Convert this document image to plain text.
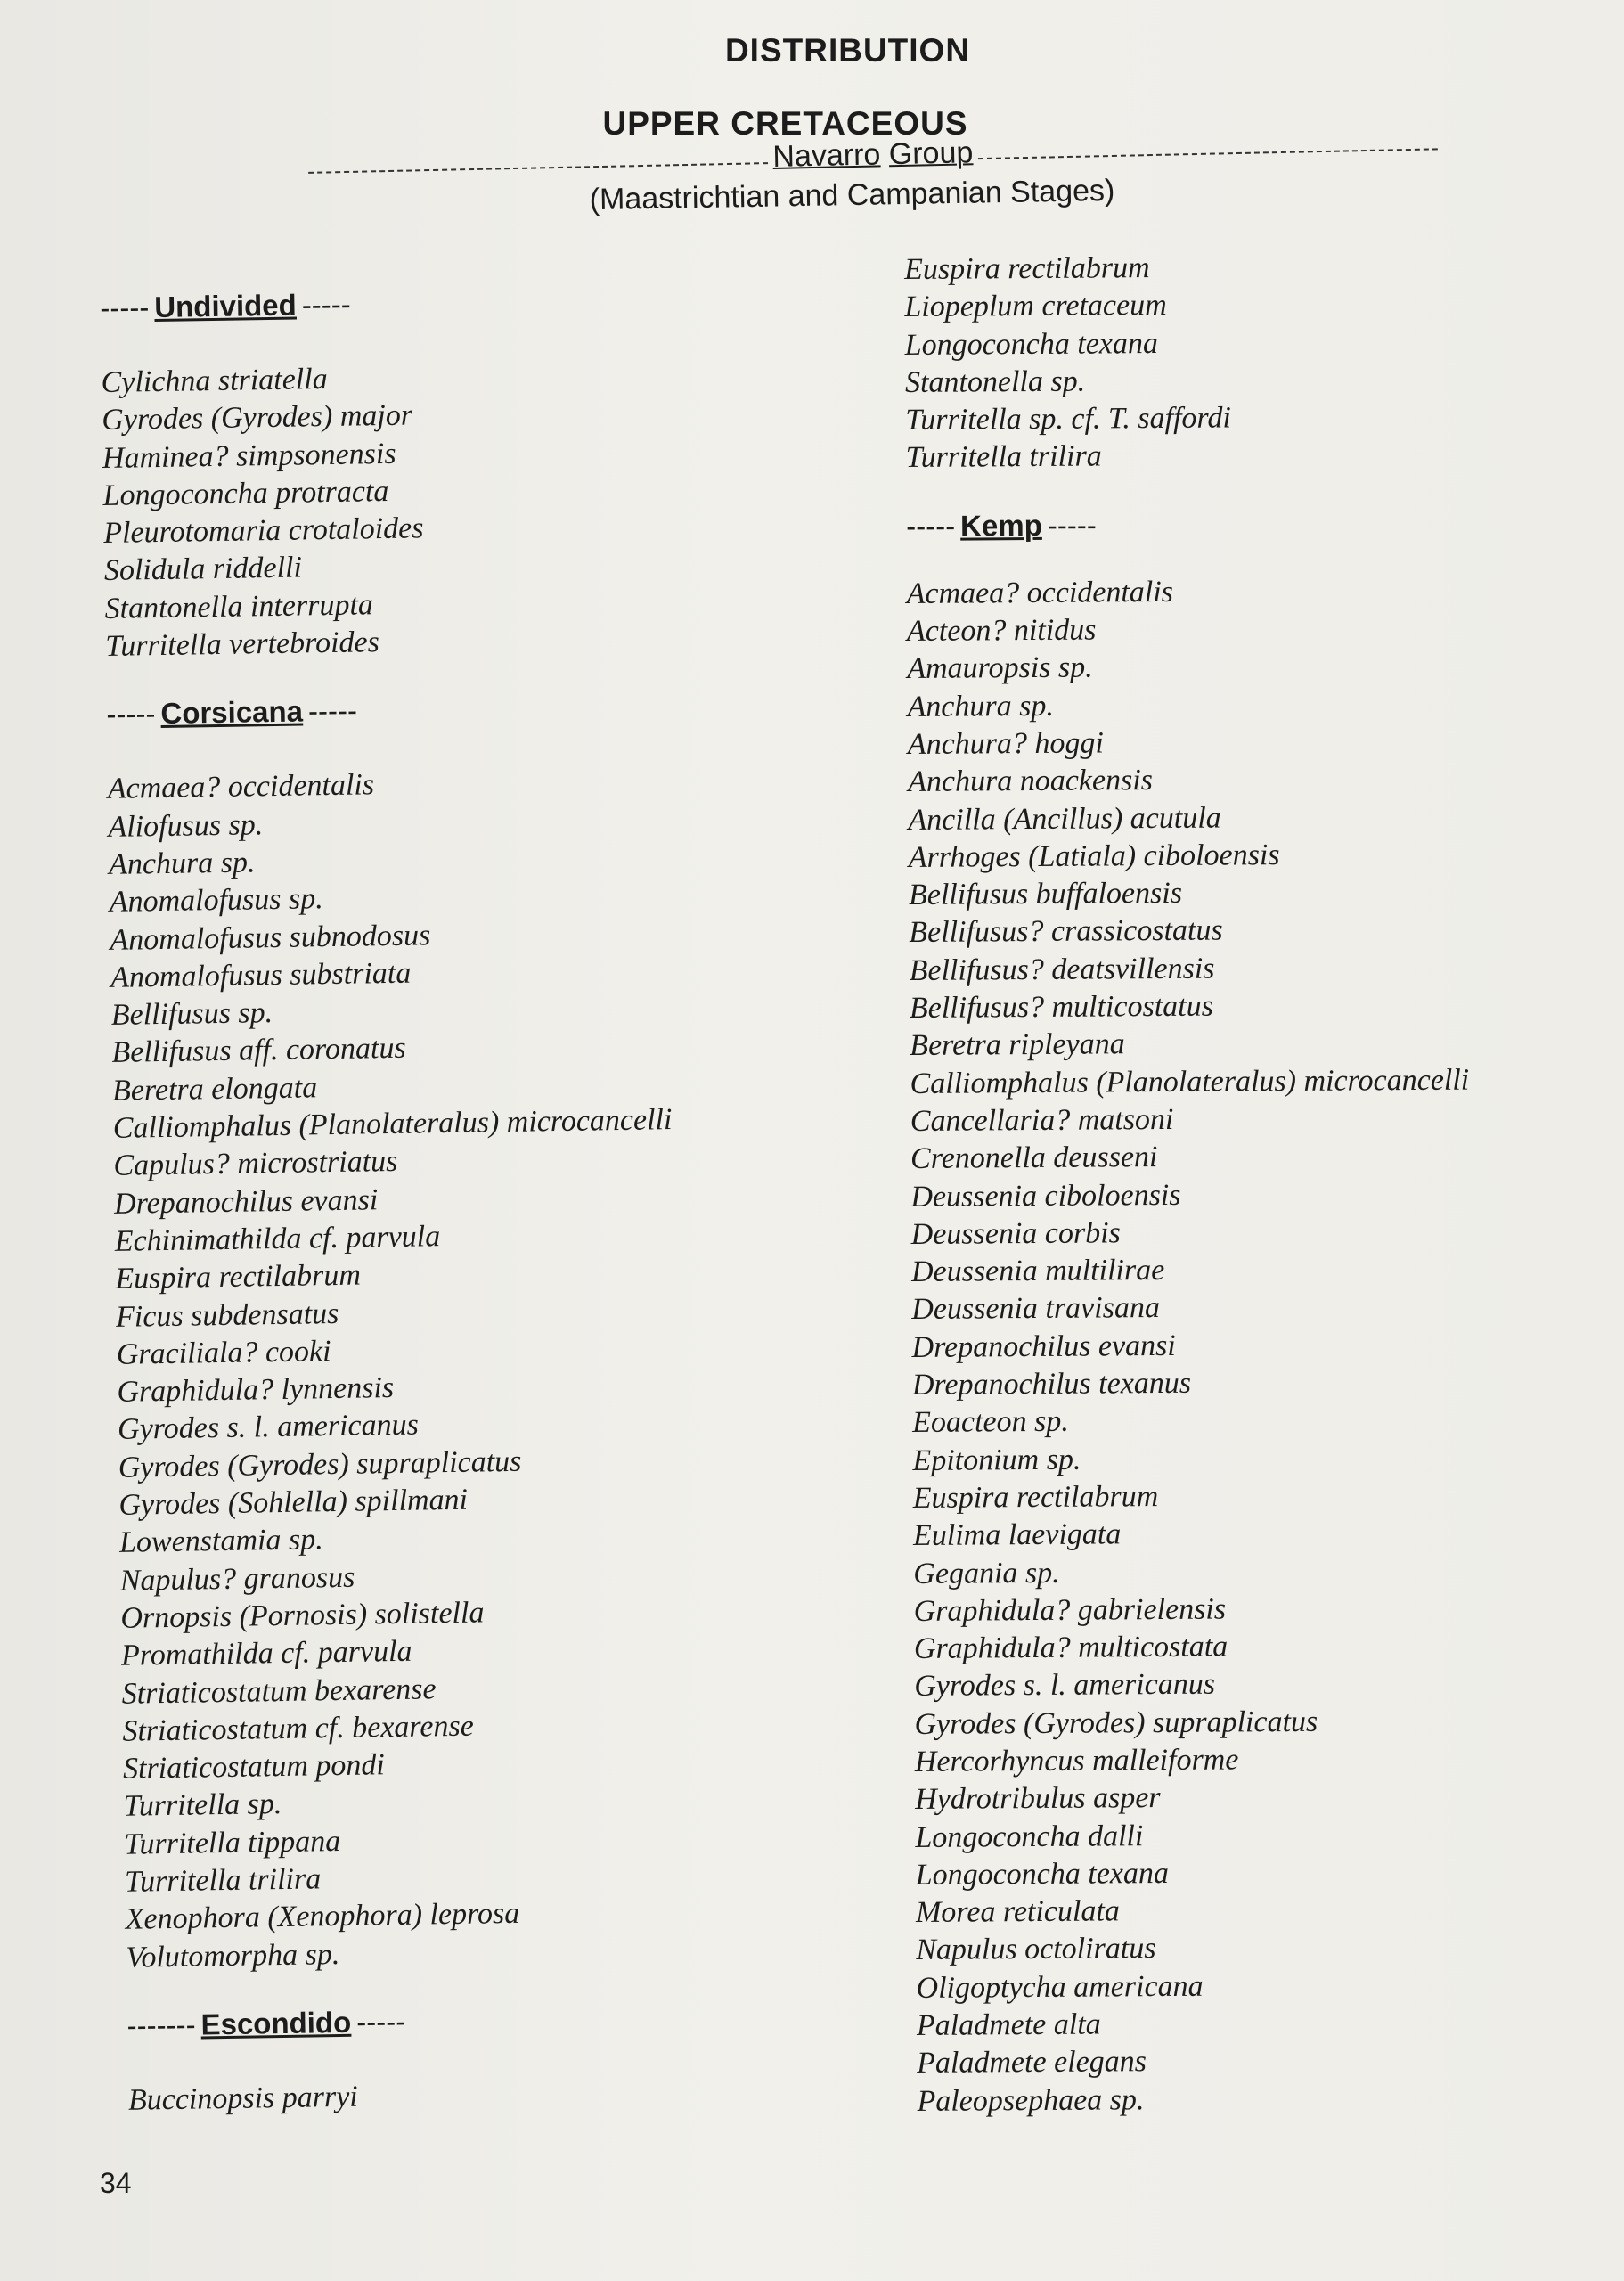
DISTRIBUTION
UPPER CRETACEOUS
Navarro
Group
(Maastrichtian and Campanian Stages)
----- Undivided -----
Cylichna striatella
Gyrodes (Gyrodes) major
Haminea? simpsonensis
Longoconcha protracta
Pleurotomaria crotaloides
Solidula riddelli
Stantonella interrupta
Turritella vertebroides
----- Corsicana -----
Acmaea? occidentalis
Aliofusus sp.
Anchura sp.
Anomalofusus sp.
Anomalofusus subnodosus
Anomalofusus substriata
Bellifusus sp.
Bellifusus aff. coronatus
Beretra elongata
Calliomphalus (Planolateralus) microcancelli
Capulus? microstriatus
Drepanochilus evansi
Echinimathilda cf. parvula
Euspira rectilabrum
Ficus subdensatus
Graciliala? cooki
Graphidula? lynnensis
Gyrodes s. l. americanus
Gyrodes (Gyrodes) supraplicatus
Gyrodes (Sohlella) spillmani
Lowenstamia sp.
Napulus? granosus
Ornopsis (Pornosis) solistella
Promathilda cf. parvula
Striaticostatum bexarense
Striaticostatum cf. bexarense
Striaticostatum pondi
Turritella sp.
Turritella tippana
Turritella trilira
Xenophora (Xenophora) leprosa
Volutomorpha sp.
------- Escondido -----
Buccinopsis parryi
Euspira rectilabrum
Liopeplum cretaceum
Longoconcha texana
Stantonella sp.
Turritella sp. cf. T. saffordi
Turritella trilira
----- Kemp -----
Acmaea? occidentalis
Acteon? nitidus
Amauropsis sp.
Anchura sp.
Anchura? hoggi
Anchura noackensis
Ancilla (Ancillus) acutula
Arrhoges (Latiala) ciboloensis
Bellifusus buffaloensis
Bellifusus? crassicostatus
Bellifusus? deatsvillensis
Bellifusus? multicostatus
Beretra ripleyana
Calliomphalus (Planolateralus) microcancelli
Cancellaria? matsoni
Crenonella deusseni
Deussenia ciboloensis
Deussenia corbis
Deussenia multilirae
Deussenia travisana
Drepanochilus evansi
Drepanochilus texanus
Eoacteon sp.
Epitonium sp.
Euspira rectilabrum
Eulima laevigata
Gegania sp.
Graphidula? gabrielensis
Graphidula? multicostata
Gyrodes s. l. americanus
Gyrodes (Gyrodes) supraplicatus
Hercorhyncus malleiforme
Hydrotribulus asper
Longoconcha dalli
Longoconcha texana
Morea reticulata
Napulus octoliratus
Oligoptycha americana
Paladmete alta
Paladmete elegans
Paleopsephaea sp.
34
